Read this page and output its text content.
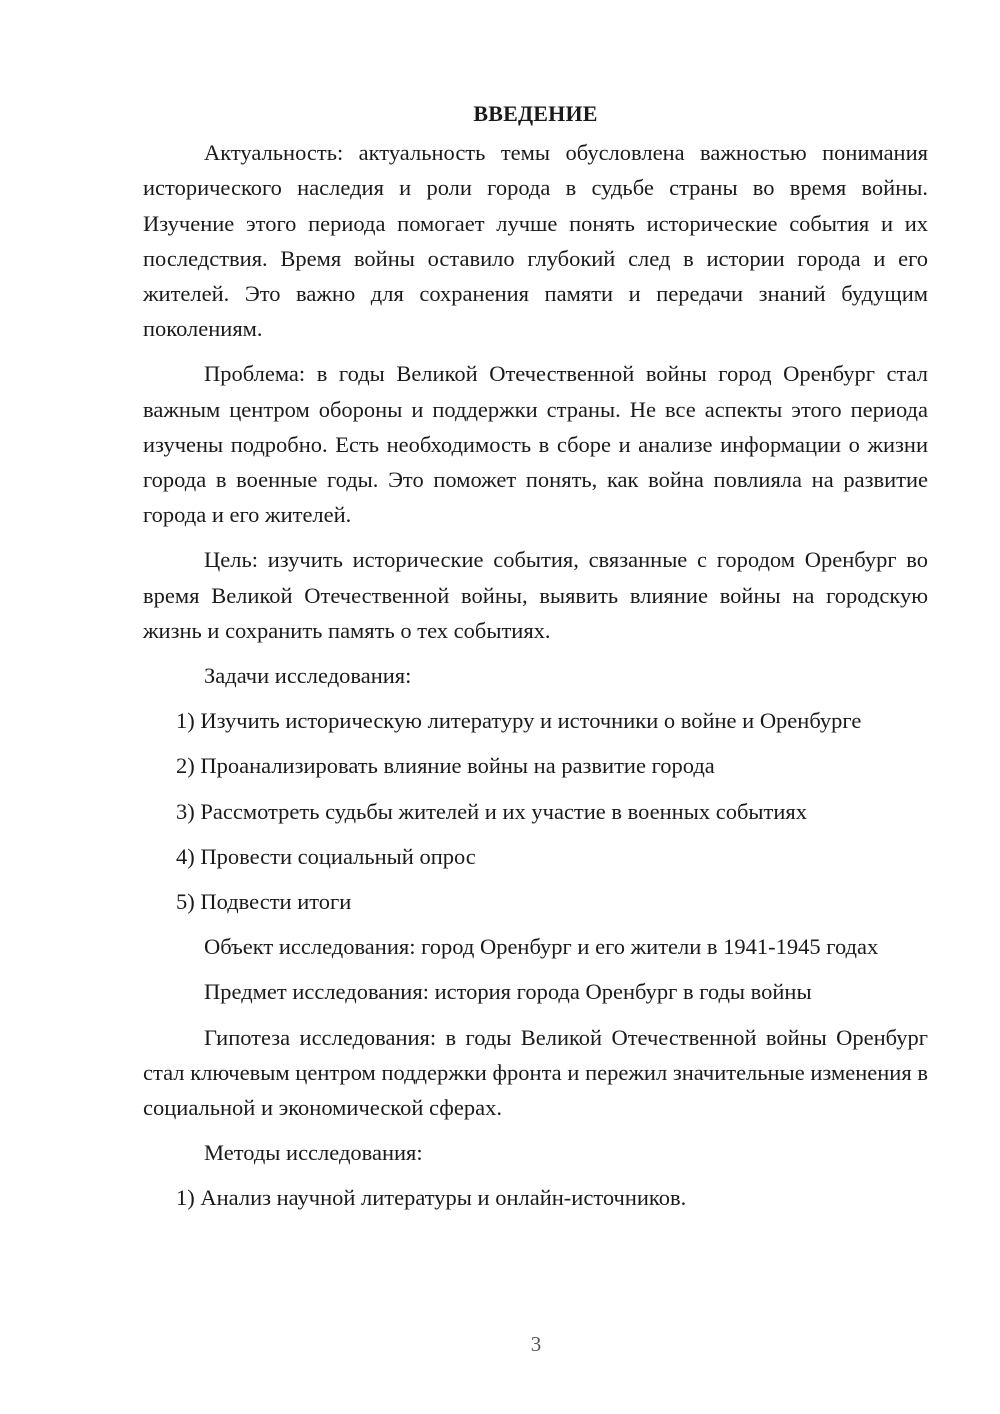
ВВЕДЕНИЕ

Актуальность: актуальность темы обусловлена важностью понимания исторического наследия и роли города в судьбе страны во время войны. Изучение этого периода помогает лучше понять исторические события и их последствия. Время войны оставило глубокий след в истории города и его жителей. Это важно для сохранения памяти и передачи знаний будущим поколениям.

Проблема: в годы Великой Отечественной войны город Оренбург стал важным центром обороны и поддержки страны. Не все аспекты этого периода изучены подробно. Есть необходимость в сборе и анализе информации о жизни города в военные годы. Это поможет понять, как война повлияла на развитие города и его жителей.

Цель: изучить исторические события, связанные с городом Оренбург во время Великой Отечественной войны, выявить влияние войны на городскую жизнь и сохранить память о тех событиях.

Задачи исследования:

1) Изучить историческую литературу и источники о войне и Оренбурге

2) Проанализировать влияние войны на развитие города

3) Рассмотреть судьбы жителей и их участие в военных событиях

4) Провести социальный опрос

5) Подвести итоги

Объект исследования: город Оренбург и его жители в 1941-1945 годах

Предмет исследования: история города Оренбург в годы войны

Гипотеза исследования: в годы Великой Отечественной войны Оренбург стал ключевым центром поддержки фронта и пережил значительные изменения в социальной и экономической сферах.

Методы исследования:

1) Анализ научной литературы и онлайн-источников.

3
